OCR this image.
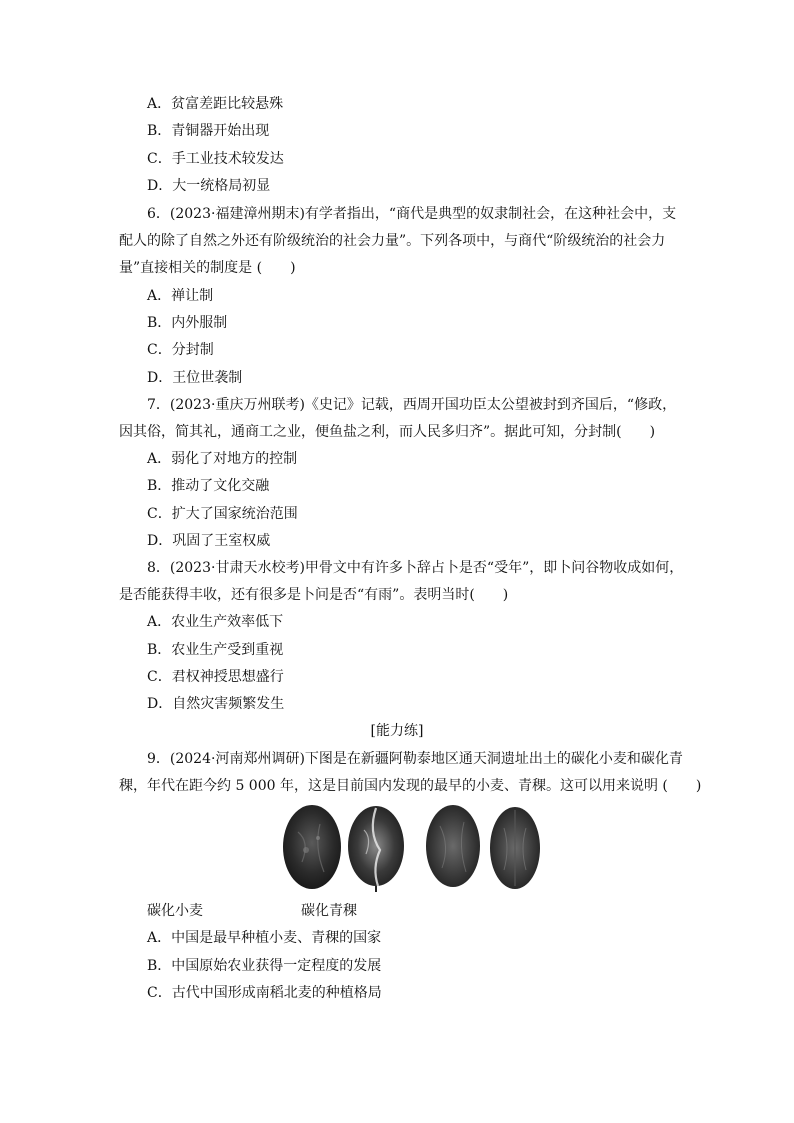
A．贫富差距比较悬殊
B．青铜器开始出现
C．手工业技术较发达
D．大一统格局初显
6．(2023·福建漳州期末)有学者指出，“商代是典型的奴隶制社会，在这种社会中，支
配人的除了自然之外还有阶级统治的社会力量”。下列各项中，与商代“阶级统治的社会力
量”直接相关的制度是 (　　)
A．禅让制
B．内外服制
C．分封制
D．王位世袭制
7．(2023·重庆万州联考)《史记》记载，西周开国功臣太公望被封到齐国后，“修政，
因其俗，简其礼，通商工之业，便鱼盐之利，而人民多归齐”。据此可知，分封制(　　)
A．弱化了对地方的控制
B．推动了文化交融
C．扩大了国家统治范围
D．巩固了王室权威
8．(2023·甘肃天水校考)甲骨文中有许多卜辞占卜是否“受年”，即卜问谷物收成如何，
是否能获得丰收，还有很多是卜问是否“有雨”。表明当时(　　)
A．农业生产效率低下
B．农业生产受到重视
C．君权神授思想盛行
D．自然灾害频繁发生
[能力练]
9．(2024·河南郑州调研)下图是在新疆阿勒泰地区通天洞遗址出土的碳化小麦和碳化青
稞，年代在距今约 5 000 年，这是目前国内发现的最早的小麦、青稞。这可以用来说明 (　　)
碳化小麦	碳化青稞
A．中国是最早种植小麦、青稞的国家
B．中国原始农业获得一定程度的发展
C．古代中国形成南稻北麦的种植格局
